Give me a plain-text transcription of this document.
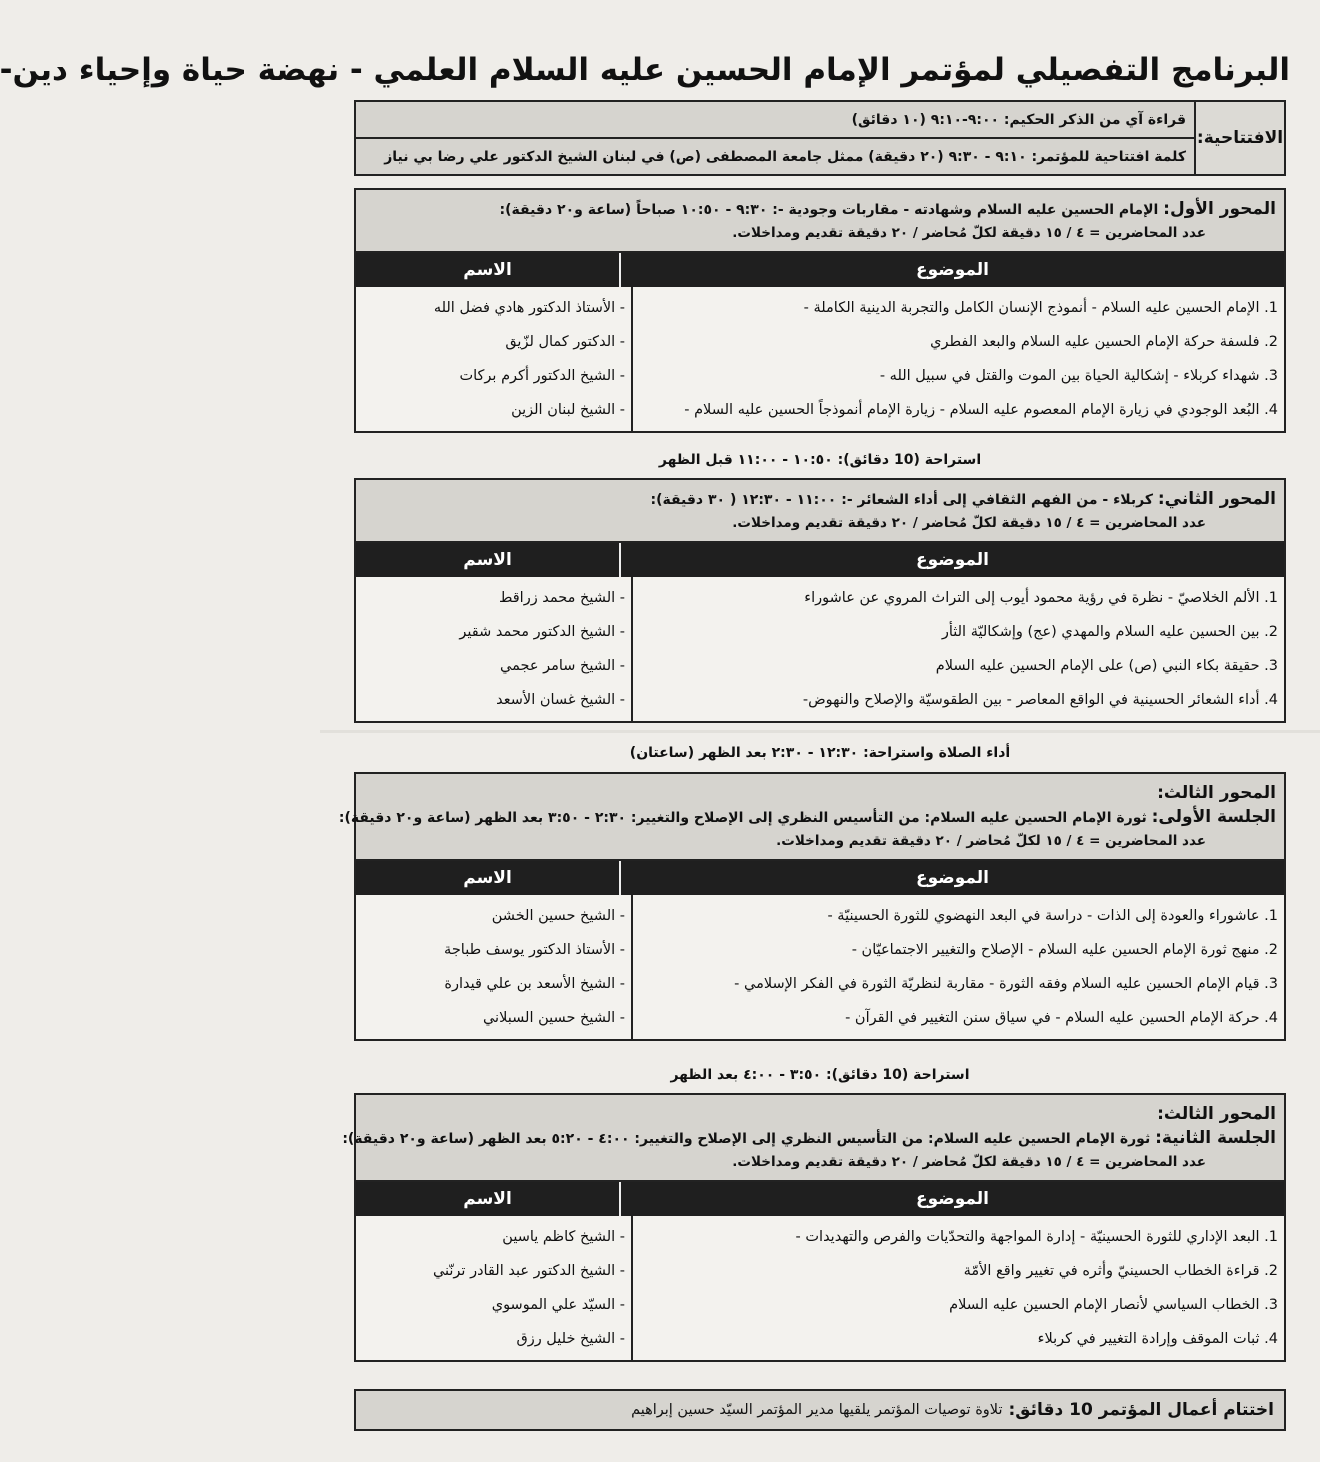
البرنامج التفصيلي لمؤتمر الإمام الحسين عليه السلام العلمي - نهضة حياة وإحياء دين-
الافتتاحية:
قراءة آي من الذكر الحكيم: ٩:٠٠-٩:١٠ (١٠ دقائق)
كلمة افتتاحية للمؤتمر: ٩:١٠ - ٩:٣٠ (٢٠ دقيقة) ممثل جامعة المصطفى (ص) في لبنان الشيخ الدكتور علي رضا بي نياز
المحور الأول: الإمام الحسين عليه السلام وشهادته - مقاربات وجودية -: ٩:٣٠ - ١٠:٥٠ صباحاً (ساعة و٢٠ دقيقة):
عدد المحاضرين = ٤ / ١٥ دقيقة لكلّ مُحاضر / ٢٠ دقيقة تقديم ومداخلات.
الموضوع
الاسم
1. الإمام الحسين عليه السلام - أنموذج الإنسان الكامل والتجربة الدينية الكاملة -
2. فلسفة حركة الإمام الحسين عليه السلام والبعد الفطري
3. شهداء كربلاء - إشكالية الحياة بين الموت والقتل في سبيل الله -
4. البُعد الوجودي في زيارة الإمام المعصوم عليه السلام - زيارة الإمام أنموذجاً الحسين عليه السلام -
- الأستاذ الدكتور هادي فضل الله
- الدكتور كمال لزّيق
- الشيخ الدكتور أكرم بركات
- الشيخ لبنان الزين
استراحة (10 دقائق): ١٠:٥٠ - ١١:٠٠ قبل الظهر
المحور الثاني: كربلاء - من الفهم الثقافي إلى أداء الشعائر -: ١١:٠٠ - ١٢:٣٠ ( ٣٠ دقيقة):
عدد المحاضرين = ٤ / ١٥ دقيقة لكلّ مُحاضر / ٢٠ دقيقة تقديم ومداخلات.
الموضوع
الاسم
1. الألم الخلاصيّ - نظرة في رؤية محمود أيوب إلى التراث المروي عن عاشوراء
2. بين الحسين عليه السلام والمهدي (عج) وإشكاليّة الثأر
3. حقيقة بكاء النبي (ص) على الإمام الحسين عليه السلام
4. أداء الشعائر الحسينية في الواقع المعاصر - بين الطقوسيّة والإصلاح والنهوض-
- الشيخ محمد زراقط
- الشيخ الدكتور محمد شقير
- الشيخ سامر عجمي
- الشيخ غسان الأسعد
أداء الصلاة واستراحة: ١٢:٣٠ - ٢:٣٠ بعد الظهر (ساعتان)
المحور الثالث:
الجلسة الأولى: ثورة الإمام الحسين عليه السلام: من التأسيس النظري إلى الإصلاح والتغيير: ٢:٣٠ - ٣:٥٠ بعد الظهر (ساعة و٢٠ دقيقة):
عدد المحاضرين = ٤ / ١٥ لكلّ مُحاضر / ٢٠ دقيقة تقديم ومداخلات.
الموضوع
الاسم
1. عاشوراء والعودة إلى الذات - دراسة في البعد النهضوي للثورة الحسينيّة -
2. منهج ثورة الإمام الحسين عليه السلام - الإصلاح والتغيير الاجتماعيّان -
3. قيام الإمام الحسين عليه السلام وفقه الثورة - مقاربة لنظريّة الثورة في الفكر الإسلامي -
4. حركة الإمام الحسين عليه السلام - في سياق سنن التغيير في القرآن -
- الشيخ حسين الخشن
- الأستاذ الدكتور يوسف طباجة
- الشيخ الأسعد بن علي قيدارة
- الشيخ حسين السبلاني
استراحة (10 دقائق): ٣:٥٠ - ٤:٠٠ بعد الظهر
المحور الثالث:
الجلسة الثانية: ثورة الإمام الحسين عليه السلام: من التأسيس النظري إلى الإصلاح والتغيير: ٤:٠٠ - ٥:٢٠ بعد الظهر (ساعة و٢٠ دقيقة):
عدد المحاضرين = ٤ / ١٥ دقيقة لكلّ مُحاضر / ٢٠ دقيقة تقديم ومداخلات.
الموضوع
الاسم
1. البعد الإداري للثورة الحسينيّة - إدارة المواجهة والتحدّيات والفرص والتهديدات -
2. قراءة الخطاب الحسينيّ وأثره في تغيير واقع الأمّة
3. الخطاب السياسي لأنصار الإمام الحسين عليه السلام
4. ثبات الموقف وإرادة التغيير في كربلاء
- الشيخ كاظم ياسين
- الشيخ الدكتور عبد القادر ترنّني
- السيّد علي الموسوي
- الشيخ خليل رزق
اختتام أعمال المؤتمر 10 دقائق:
تلاوة توصيات المؤتمر يلقيها مدير المؤتمر السيّد حسين إبراهيم
